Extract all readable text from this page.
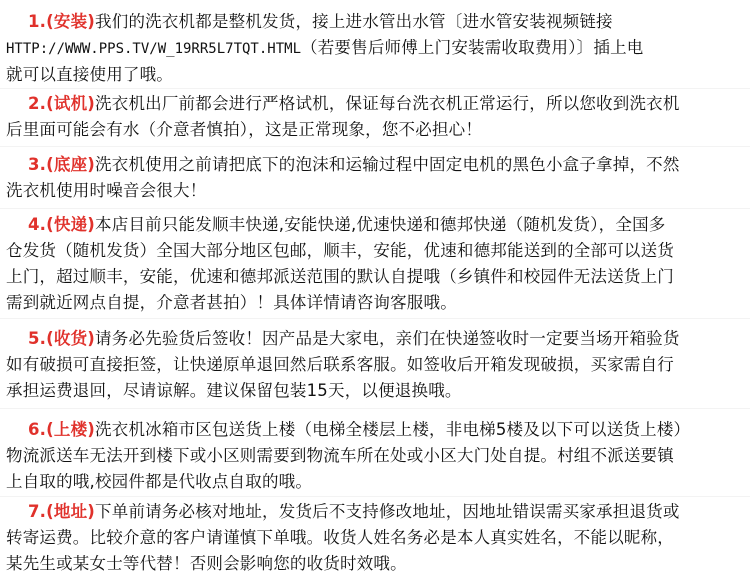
1.(安装)我们的洗衣机都是整机发货，接上进水管出水管〔进水管安装视频链接
HTTP://WWW.PPS.TV/W_19RR5L7TQT.HTML（若要售后师傅上门安装需收取费用）〕插上电
就可以直接使用了哦。
2.(试机)洗衣机出厂前都会进行严格试机，保证每台洗衣机正常运行，所以您收到洗衣机
后里面可能会有水（介意者慎拍），这是正常现象，您不必担心！
3.(底座)洗衣机使用之前请把底下的泡沫和运输过程中固定电机的黑色小盒子拿掉，不然
洗衣机使用时噪音会很大！
4.(快递)本店目前只能发顺丰快递,安能快递,优速快递和德邦快递（随机发货），全国多
仓发货（随机发货）全国大部分地区包邮，顺丰，安能，优速和德邦能送到的全部可以送货
上门，超过顺丰，安能，优速和德邦派送范围的默认自提哦（乡镇件和校园件无法送货上门
需到就近网点自提，介意者甚拍）！具体详情请咨询客服哦。
5.(收货)请务必先验货后签收！因产品是大家电，亲们在快递签收时一定要当场开箱验货
如有破损可直接拒签，让快递原单退回然后联系客服。如签收后开箱发现破损，买家需自行
承担运费退回，尽请谅解。建议保留包装15天，以便退换哦。
6.(上楼)洗衣机冰箱市区包送货上楼（电梯全楼层上楼，非电梯5楼及以下可以送货上楼）
物流派送车无法开到楼下或小区则需要到物流车所在处或小区大门处自提。村组不派送要镇
上自取的哦,校园件都是代收点自取的哦。
7.(地址)下单前请务必核对地址，发货后不支持修改地址，因地址错误需买家承担退货或
转寄运费。比较介意的客户请谨慎下单哦。收货人姓名务必是本人真实姓名，不能以昵称，
某先生或某女士等代替！否则会影响您的收货时效哦。
